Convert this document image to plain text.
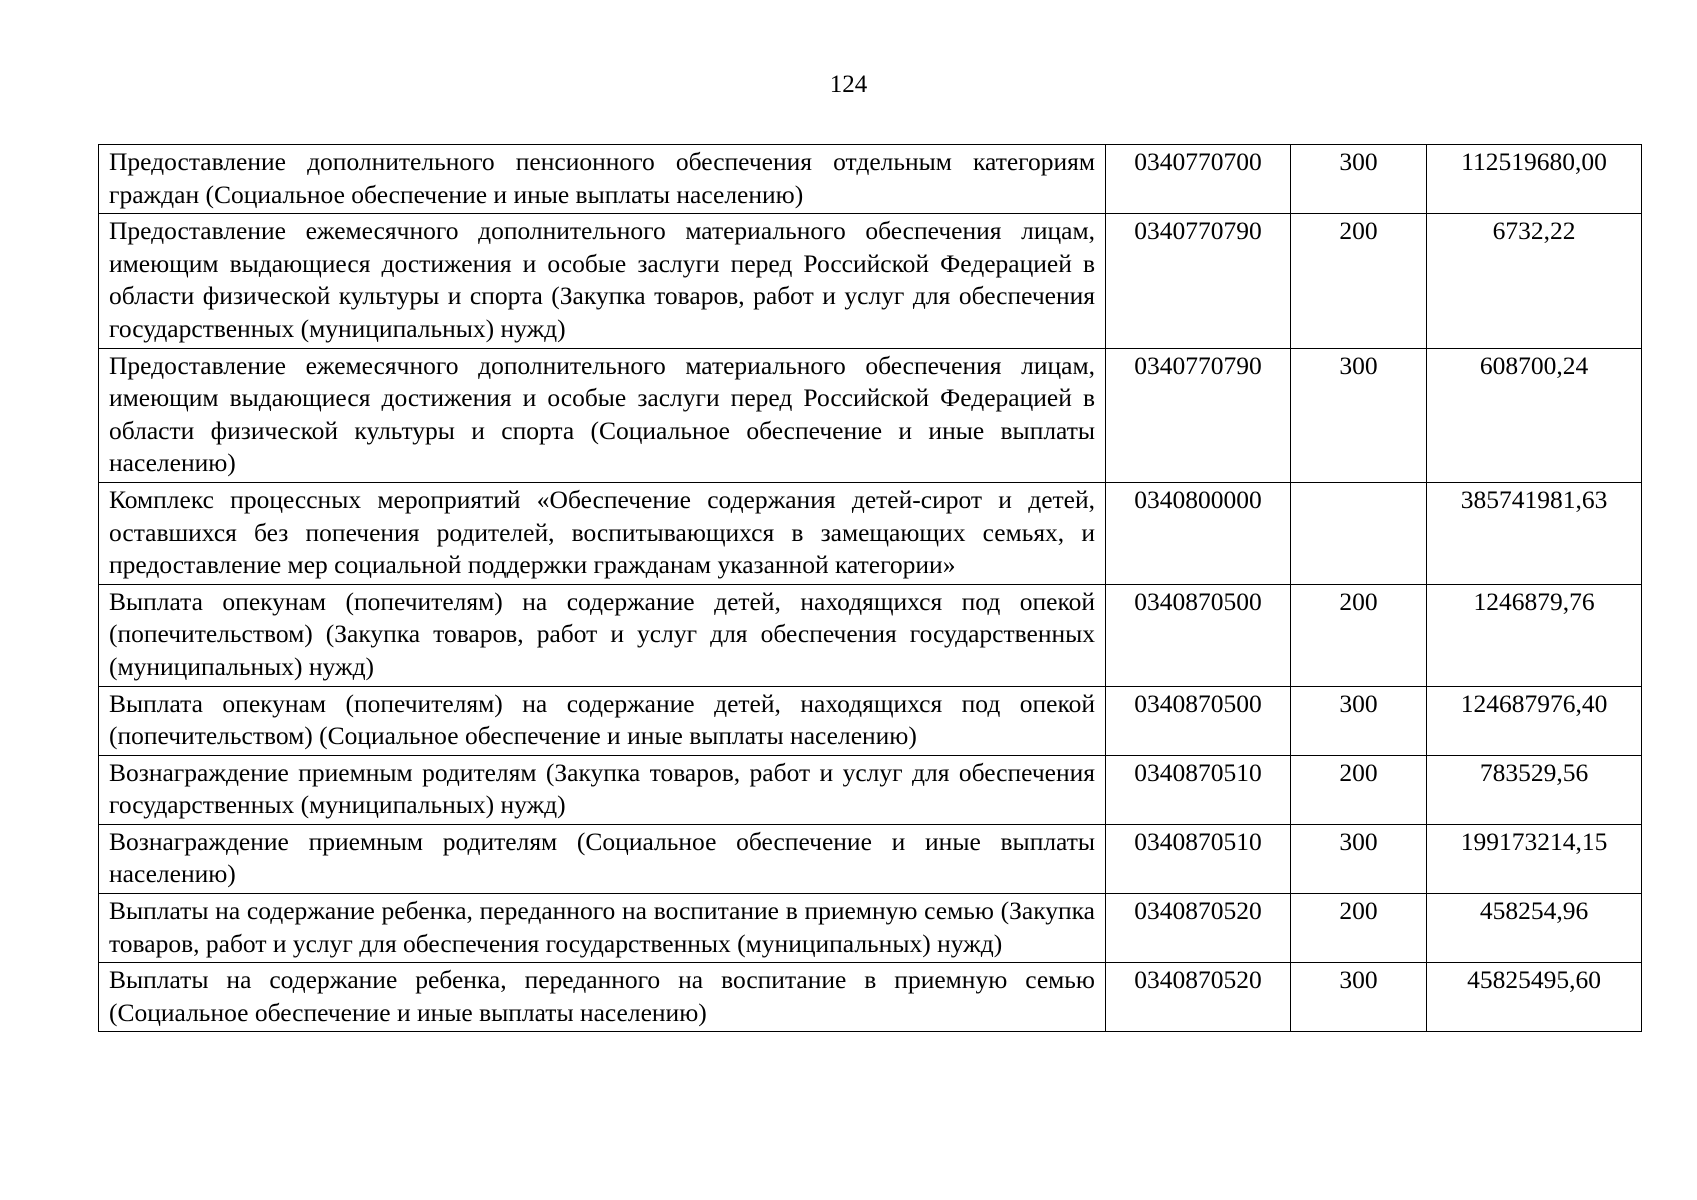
124
Предоставление дополнительного пенсионного обеспечения отдельным категориям граждан (Социальное обеспечение и иные выплаты населению)	0340770700	300	112519680,00
Предоставление ежемесячного дополнительного материального обеспечения лицам, имеющим выдающиеся достижения и особые заслуги перед Российской Федерацией в области физической культуры и спорта (Закупка товаров, работ и услуг для обеспечения государственных (муниципальных) нужд)	0340770790	200	6732,22
Предоставление ежемесячного дополнительного материального обеспечения лицам, имеющим выдающиеся достижения и особые заслуги перед Российской Федерацией в области физической культуры и спорта (Социальное обеспечение и иные выплаты населению)	0340770790	300	608700,24
Комплекс процессных мероприятий «Обеспечение содержания детей-сирот и детей, оставшихся без попечения родителей, воспитывающихся в замещающих семьях, и предоставление мер социальной поддержки гражданам указанной категории»	0340800000		385741981,63
Выплата опекунам (попечителям) на содержание детей, находящихся под опекой (попечительством) (Закупка товаров, работ и услуг для обеспечения государственных (муниципальных) нужд)	0340870500	200	1246879,76
Выплата опекунам (попечителям) на содержание детей, находящихся под опекой (попечительством) (Социальное обеспечение и иные выплаты населению)	0340870500	300	124687976,40
Вознаграждение приемным родителям (Закупка товаров, работ и услуг для обеспечения государственных (муниципальных) нужд)	0340870510	200	783529,56
Вознаграждение приемным родителям (Социальное обеспечение и иные выплаты населению)	0340870510	300	199173214,15
Выплаты на содержание ребенка, переданного на воспитание в приемную семью (Закупка товаров, работ и услуг для обеспечения государственных (муниципальных) нужд)	0340870520	200	458254,96
Выплаты на содержание ребенка, переданного на воспитание в приемную семью (Социальное обеспечение и иные выплаты населению)	0340870520	300	45825495,60
